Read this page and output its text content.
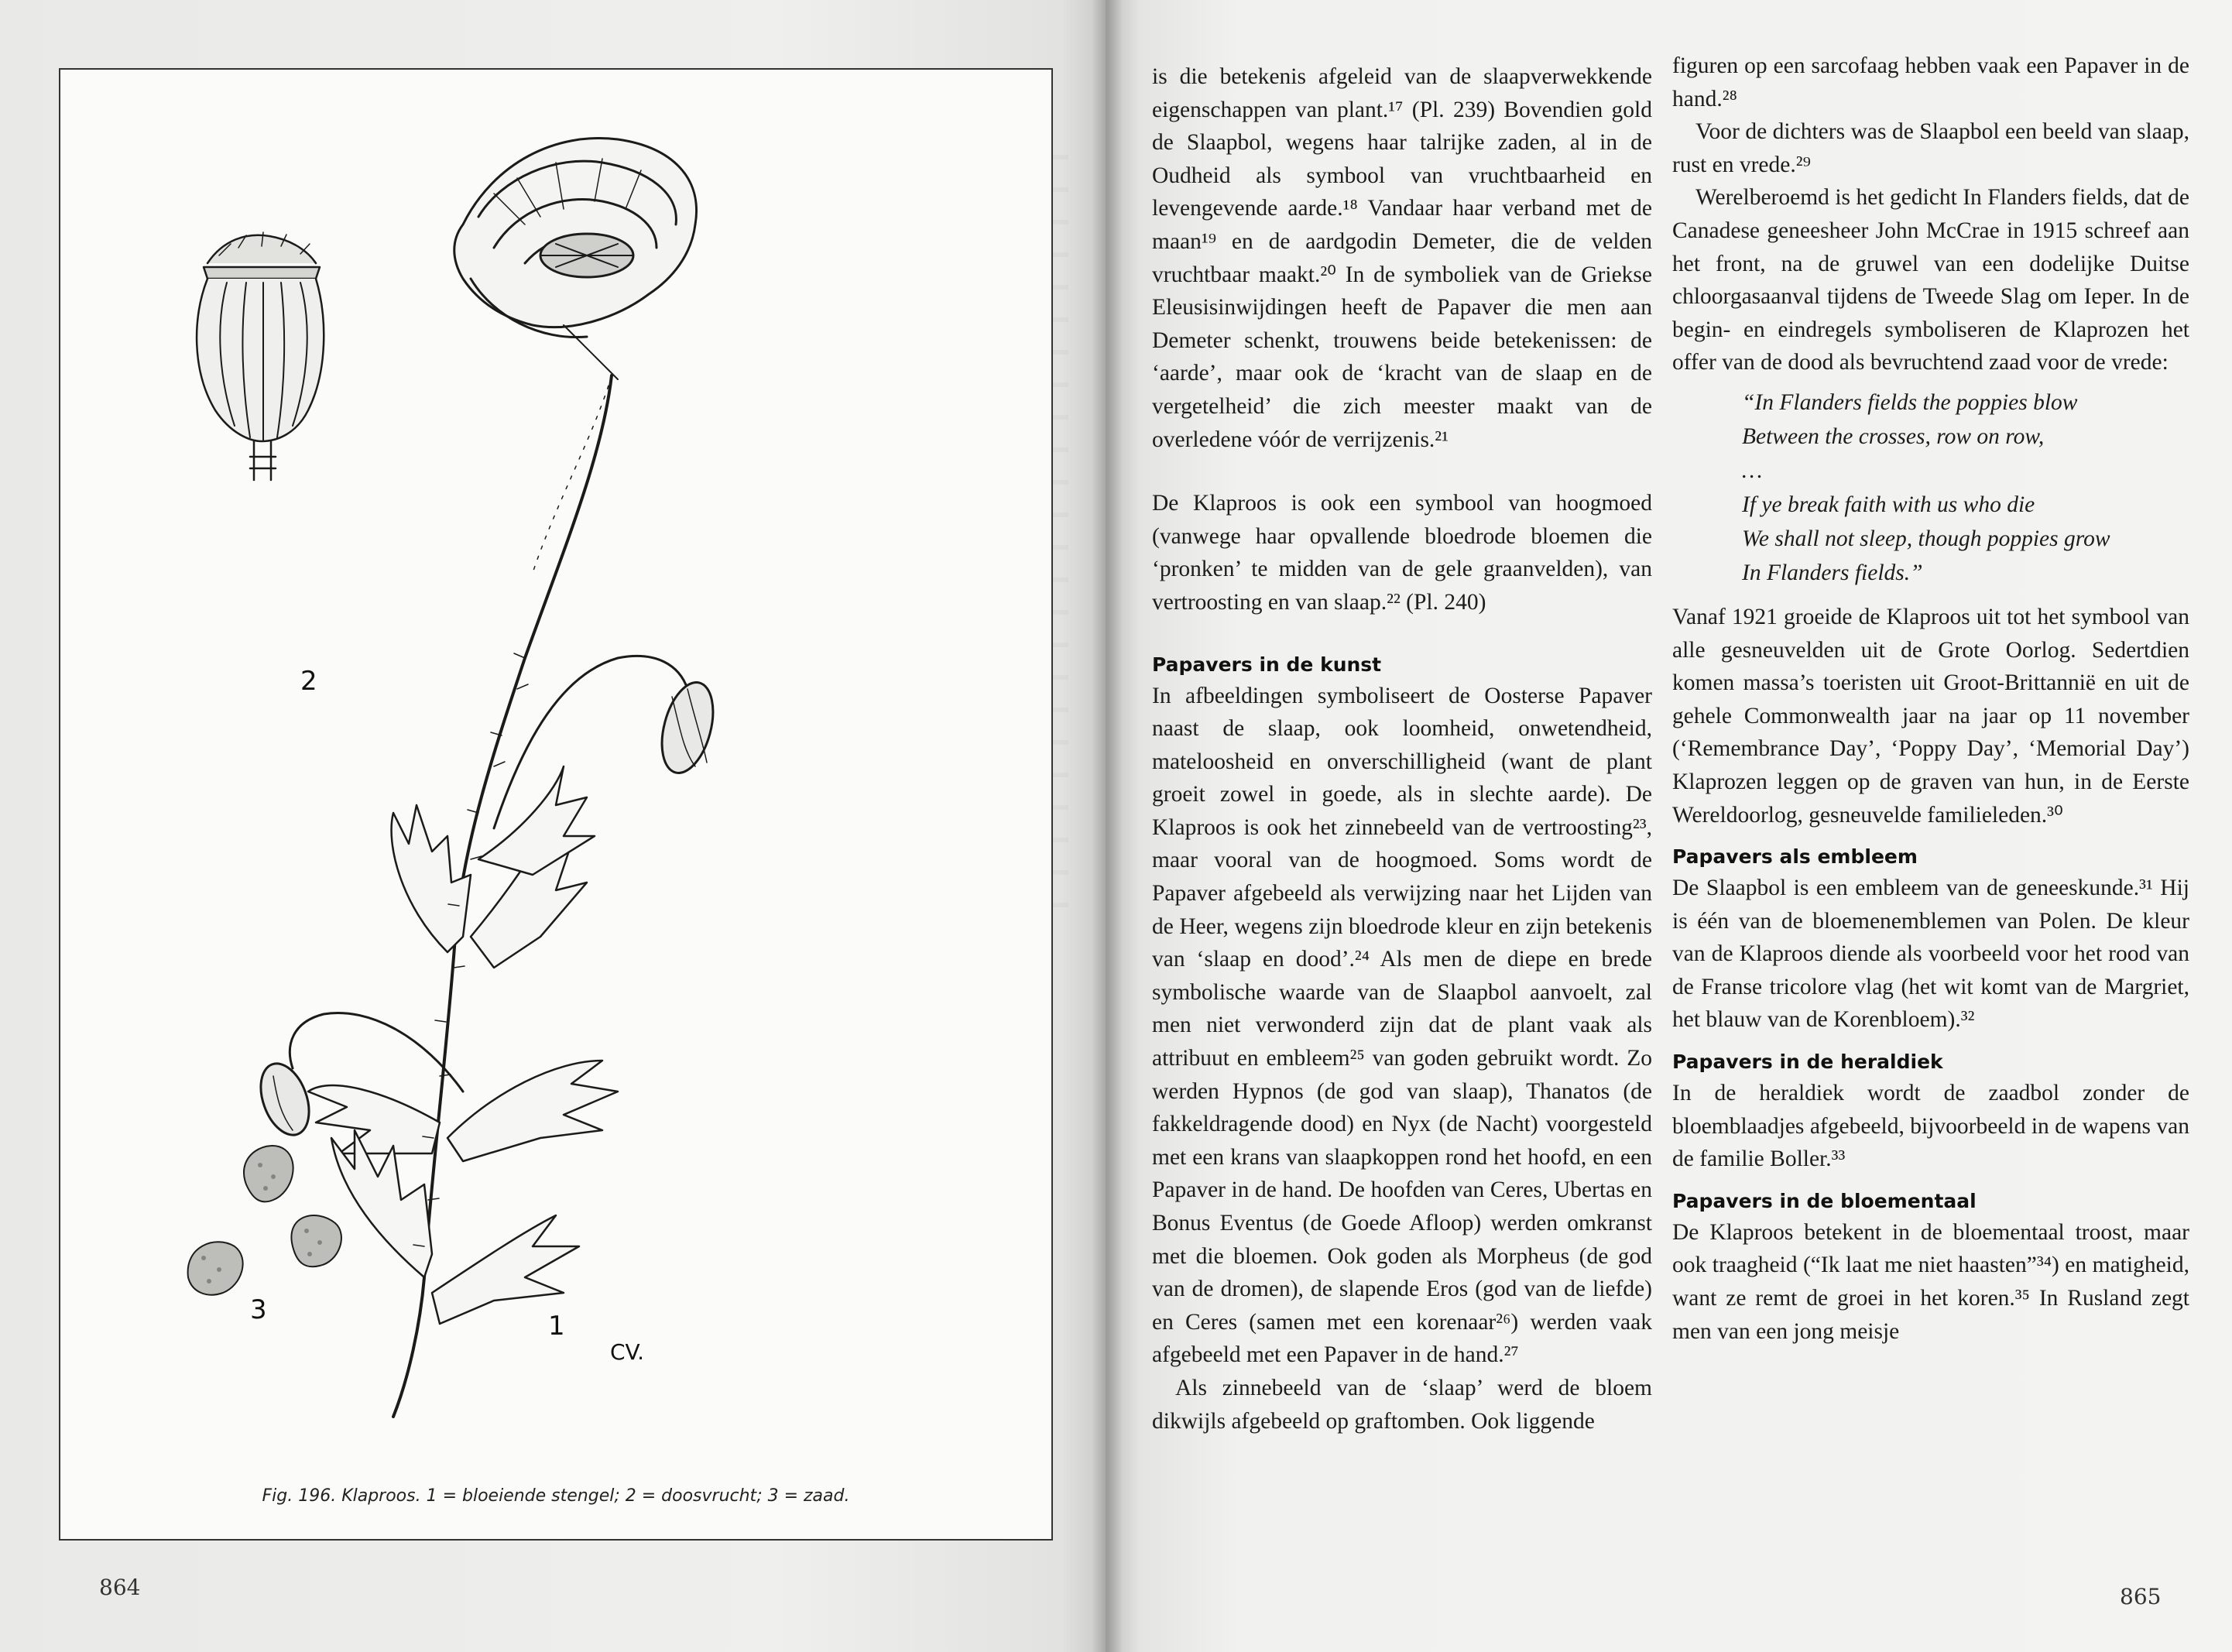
2
3
1
CV.
Fig. 196. Klaproos. 1 = bloeiende stengel; 2 = doosvrucht; 3 = zaad.
864

is die betekenis afgeleid van de slaapverwekkende eigenschappen van plant.¹⁷ (Pl. 239) Bovendien gold de Slaapbol, wegens haar talrijke zaden, al in de Oudheid als symbool van vruchtbaarheid en levengevende aarde.¹⁸ Vandaar haar verband met de maan¹⁹ en de aardgodin Demeter, die de velden vruchtbaar maakt.²⁰ In de symboliek van de Griekse Eleusisinwijdingen heeft de Papaver die men aan Demeter schenkt, trouwens beide betekenissen: de ‘aarde’, maar ook de ‘kracht van de slaap en de vergetelheid’ die zich meester maakt van de overledene vóór de verrijzenis.²¹

De Klaproos is ook een symbool van hoogmoed (vanwege haar opvallende bloedrode bloemen die ‘pronken’ te midden van de gele graanvelden), van vertroosting en van slaap.²² (Pl. 240)

Papavers in de kunst

In afbeeldingen symboliseert de Oosterse Papaver naast de slaap, ook loomheid, onwetendheid, mateloosheid en onverschilligheid (want de plant groeit zowel in goede, als in slechte aarde). De Klaproos is ook het zinnebeeld van de vertroosting²³, maar vooral van de hoogmoed. Soms wordt de Papaver afgebeeld als verwijzing naar het Lijden van de Heer, wegens zijn bloedrode kleur en zijn betekenis van ‘slaap en dood’.²⁴ Als men de diepe en brede symbolische waarde van de Slaapbol aanvoelt, zal men niet verwonderd zijn dat de plant vaak als attribuut en embleem²⁵ van goden gebruikt wordt. Zo werden Hypnos (de god van slaap), Thanatos (de fakkeldragende dood) en Nyx (de Nacht) voorgesteld met een krans van slaapkoppen rond het hoofd, en een Papaver in de hand. De hoofden van Ceres, Ubertas en Bonus Eventus (de Goede Afloop) werden omkranst met die bloemen. Ook goden als Morpheus (de god van de dromen), de slapende Eros (god van de liefde) en Ceres (samen met een korenaar²⁶) werden vaak afgebeeld met een Papaver in de hand.²⁷

Als zinnebeeld van de ‘slaap’ werd de bloem dikwijls afgebeeld op graftomben. Ook liggende

figuren op een sarcofaag hebben vaak een Papaver in de hand.²⁸

Voor de dichters was de Slaapbol een beeld van slaap, rust en vrede.²⁹

Werelberoemd is het gedicht In Flanders fields, dat de Canadese geneesheer John McCrae in 1915 schreef aan het front, na de gruwel van een dodelijke Duitse chloorgasaanval tijdens de Tweede Slag om Ieper. In de begin- en eindregels symboliseren de Klaprozen het offer van de dood als bevruchtend zaad voor de vrede:

“In Flanders fields the poppies blow
Between the crosses, row on row,
…
If ye break faith with us who die
We shall not sleep, though poppies grow
In Flanders fields.”

Vanaf 1921 groeide de Klaproos uit tot het symbool van alle gesneuvelden uit de Grote Oorlog. Sedertdien komen massa’s toeristen uit Groot-Brittannië en uit de gehele Commonwealth jaar na jaar op 11 november (‘Remembrance Day’, ‘Poppy Day’, ‘Memorial Day’) Klaprozen leggen op de graven van hun, in de Eerste Wereldoorlog, gesneuvelde familieleden.³⁰

Papavers als embleem

De Slaapbol is een embleem van de geneeskunde.³¹ Hij is één van de bloemenemblemen van Polen. De kleur van de Klaproos diende als voorbeeld voor het rood van de Franse tricolore vlag (het wit komt van de Margriet, het blauw van de Korenbloem).³²

Papavers in de heraldiek

In de heraldiek wordt de zaadbol zonder de bloemblaadjes afgebeeld, bijvoorbeeld in de wapens van de familie Boller.³³

Papavers in de bloementaal

De Klaproos betekent in de bloementaal troost, maar ook traagheid (“Ik laat me niet haasten”³⁴) en matigheid, want ze remt de groei in het koren.³⁵ In Rusland zegt men van een jong meisje

865
